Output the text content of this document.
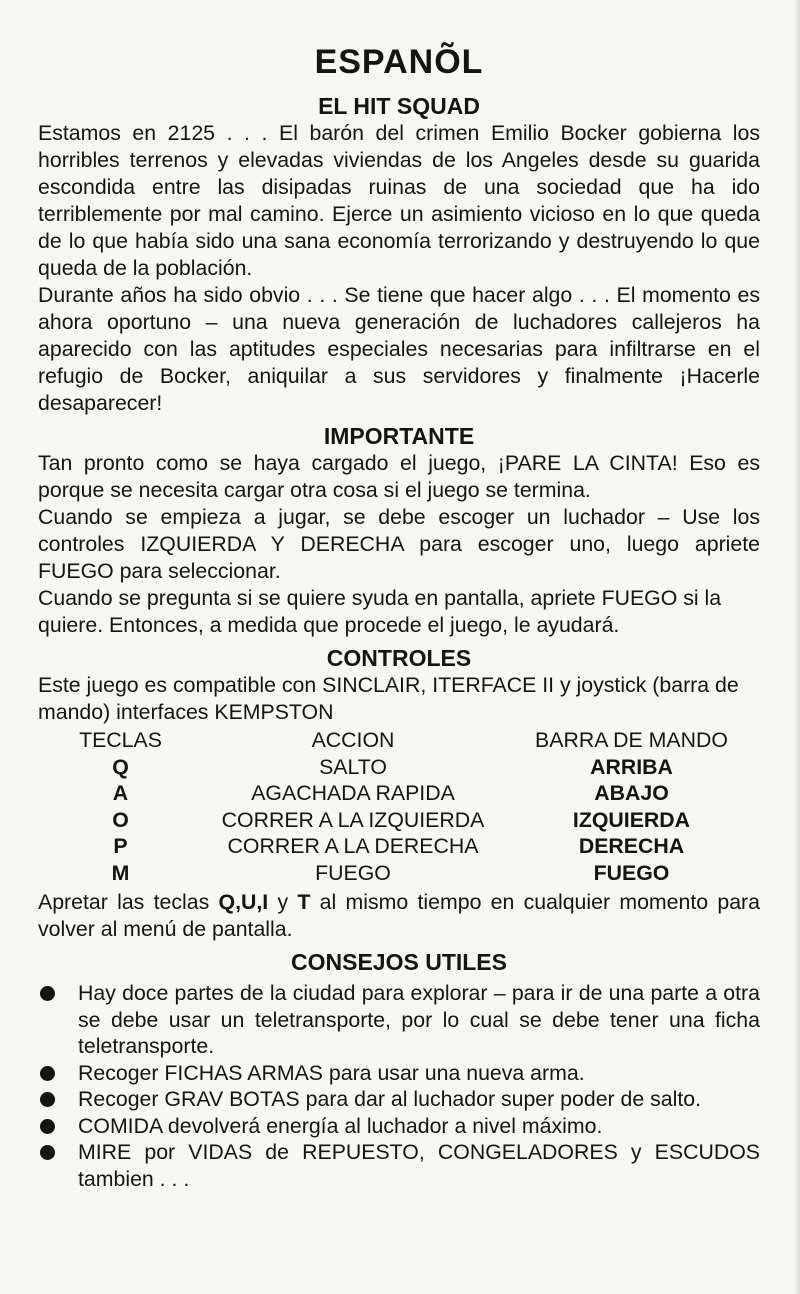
ESPANÕL
EL HIT SQUAD

Estamos en 2125 . . . El barón del crimen Emilio Bocker gobierna los horribles terrenos y elevadas viviendas de los Angeles desde su guarida escondida entre las disipadas ruinas de una sociedad que ha ido terriblemente por mal camino. Ejerce un asimiento vicioso en lo que queda de lo que había sido una sana economía terrorizando y destruyendo lo que queda de la población.

Durante años ha sido obvio . . . Se tiene que hacer algo . . . El momento es ahora oportuno – una nueva generación de luchadores callejeros ha aparecido con las aptitudes especiales necesarias para infiltrarse en el refugio de Bocker, aniquilar a sus servidores y finalmente ¡Hacerle desaparecer!

IMPORTANTE

Tan pronto como se haya cargado el juego, ¡PARE LA CINTA! Eso es porque se necesita cargar otra cosa si el juego se termina.

Cuando se empieza a jugar, se debe escoger un luchador – Use los controles IZQUIERDA Y DERECHA para escoger uno, luego apriete FUEGO para seleccionar.

Cuando se pregunta si se quiere syuda en pantalla, apriete FUEGO si la quiere. Entonces, a medida que procede el juego, le ayudará.

CONTROLES

Este juego es compatible con SINCLAIR, ITERFACE II y joystick (barra de mando) interfaces KEMPSTON

TECLAS	ACCION	BARRA DE MANDO
Q	SALTO	ARRIBA
A	AGACHADA RAPIDA	ABAJO
O	CORRER A LA IZQUIERDA	IZQUIERDA
P	CORRER A LA DERECHA	DERECHA
M	FUEGO	FUEGO

Apretar las teclas Q,U,I y T al mismo tiempo en cualquier momento para volver al menú de pantalla.

CONSEJOS UTILES
Hay doce partes de la ciudad para explorar – para ir de una parte a otra se debe usar un teletransporte, por lo cual se debe tener una ficha teletransporte.
Recoger FICHAS ARMAS para usar una nueva arma.
Recoger GRAV BOTAS para dar al luchador super poder de salto.
COMIDA devolverá energía al luchador a nivel máximo.
MIRE por VIDAS de REPUESTO, CONGELADORES y ESCUDOS tambien . . .
